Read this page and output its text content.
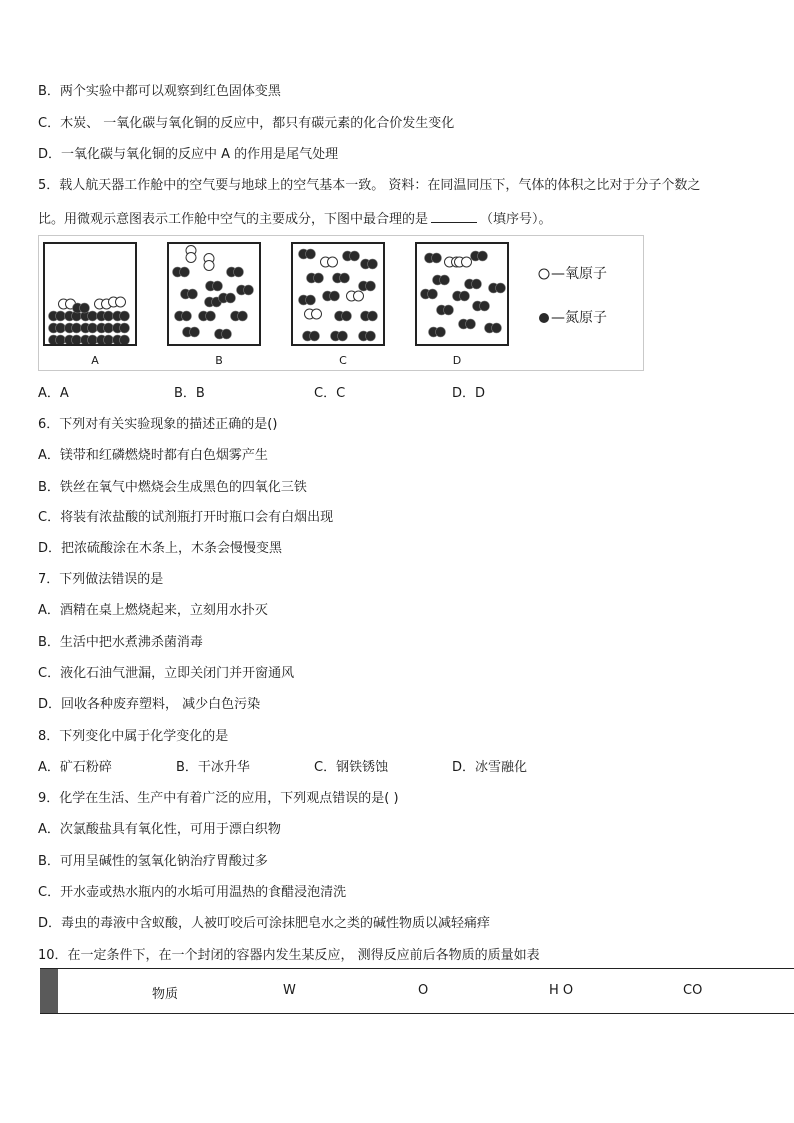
B．两个实验中都可以观察到红色固体变黑
C．木炭、 一氧化碳与氧化铜的反应中，都只有碳元素的化合价发生变化
D．一氧化碳与氧化铜的反应中 A 的作用是尾气处理
5．载人航天器工作舱中的空气要与地球上的空气基本一致。 资料：在同温同压下，气体的体积之比对于分子个数之
比。用微观示意图表示工作舱中空气的主要成分，下图中最合理的是	（填序号）。
A	B	C	D
—氧原子
—氮原子
A．A	B．B	C．C	D．D
6．下列对有关实验现象的描述正确的是()
A．镁带和红磷燃烧时都有白色烟雾产生
B．铁丝在氧气中燃烧会生成黑色的四氧化三铁
C．将装有浓盐酸的试剂瓶打开时瓶口会有白烟出现
D．把浓硫酸涂在木条上，木条会慢慢变黑
7．下列做法错误的是
A．酒精在桌上燃烧起来，立刻用水扑灭
B．生活中把水煮沸杀菌消毒
C．液化石油气泄漏，立即关闭门并开窗通风
D．回收各种废弃塑料， 减少白色污染
8．下列变化中属于化学变化的是
A．矿石粉碎	B．干冰升华	C．钢铁锈蚀	D．冰雪融化
9．化学在生活、生产中有着广泛的应用，下列观点错误的是( )
A．次氯酸盐具有氧化性，可用于漂白织物
B．可用呈碱性的氢氧化钠治疗胃酸过多
C．开水壶或热水瓶内的水垢可用温热的食醋浸泡清洗
D．毒虫的毒液中含蚁酸，人被叮咬后可涂抹肥皂水之类的碱性物质以减轻痛痒
10．在一定条件下，在一个封闭的容器内发生某反应， 测得反应前后各物质的质量如表
物质	W	O	H O	CO
